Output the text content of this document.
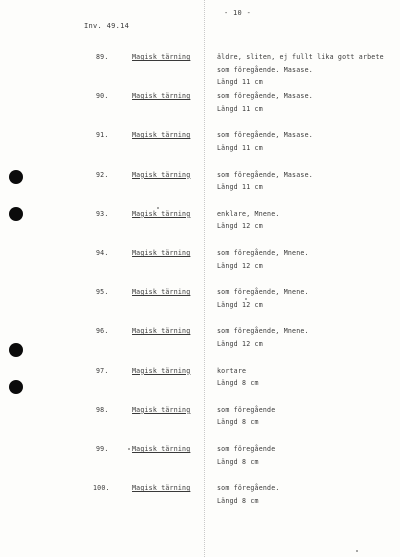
- 10 -
Inv. 49.14
89.	Magisk tärning	äldre, sliten, ej fullt lika gott arbete
som föregående. Masase.
Längd 11 cm
90.	Magisk tärning	som föregående, Masase.
Längd 11 cm
91.	Magisk tärning	som föregående, Masase.
Längd 11 cm
92.	Magisk tärning	som föregående, Masase.
Längd 11 cm
93.	Magisk tärning	enklare, Mnene.
Längd 12 cm
94.	Magisk tärning	som föregående, Mnene.
Längd 12 cm
95.	Magisk tärning	som föregående, Mnene.
Längd 12 cm
96.	Magisk tärning	som föregående, Mnene.
Längd 12 cm
97.	Magisk tärning	kortare
Längd 8 cm
98.	Magisk tärning	som föregående
Längd 8 cm
99.	Magisk tärning	som föregående
Längd 8 cm
100.	Magisk tärning	som föregående.
Längd 8 cm
